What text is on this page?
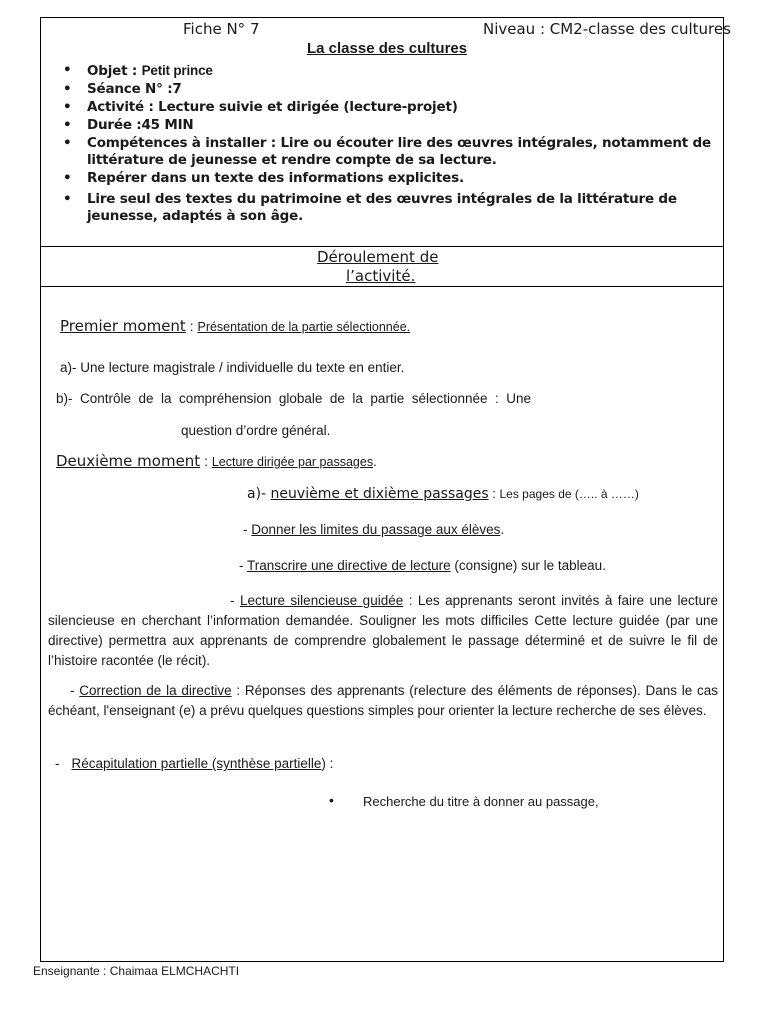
Fiche N° 7	Niveau : CM2-classe des cultures
La classe des cultures
• Objet : Petit prince
• Séance N° :7
• Activité : Lecture suivie et dirigée (lecture-projet)
• Durée :45 MIN
• Compétences à installer : Lire ou écouter lire des œuvres intégrales, notamment de littérature de jeunesse et rendre compte de sa lecture.
• Repérer dans un texte des informations explicites.
• Lire seul des textes du patrimoine et des œuvres intégrales de la littérature de jeunesse, adaptés à son âge.
Déroulement de
l’activité.
Premier moment : Présentation de la partie sélectionnée.
a)- Une lecture magistrale / individuelle du texte en entier.
b)-  Contrôle  de  la  compréhension  globale  de  la  partie  sélectionnée  :  Une
question d’ordre général.
Deuxième moment : Lecture dirigée par passages.
a)- neuvième et dixième passages : Les pages de (….. à ……)
- Donner les limites du passage aux élèves.
- Transcrire une directive de lecture (consigne) sur le tableau.
- Lecture silencieuse guidée : Les apprenants seront invités à faire une lecture silencieuse en cherchant l’information demandée. Souligner les mots difficiles Cette lecture guidée (par une directive) permettra aux apprenants de comprendre globalement le passage déterminé et de suivre le fil de l’histoire racontée (le récit).
- Correction de la directive : Réponses des apprenants (relecture des éléments de réponses). Dans le cas échéant, l'enseignant (e) a prévu quelques questions simples pour orienter la lecture recherche de ses élèves.
- Récapitulation partielle (synthèse partielle) :
• Recherche du titre à donner au passage,
Enseignante : Chaimaa ELMCHACHTI
